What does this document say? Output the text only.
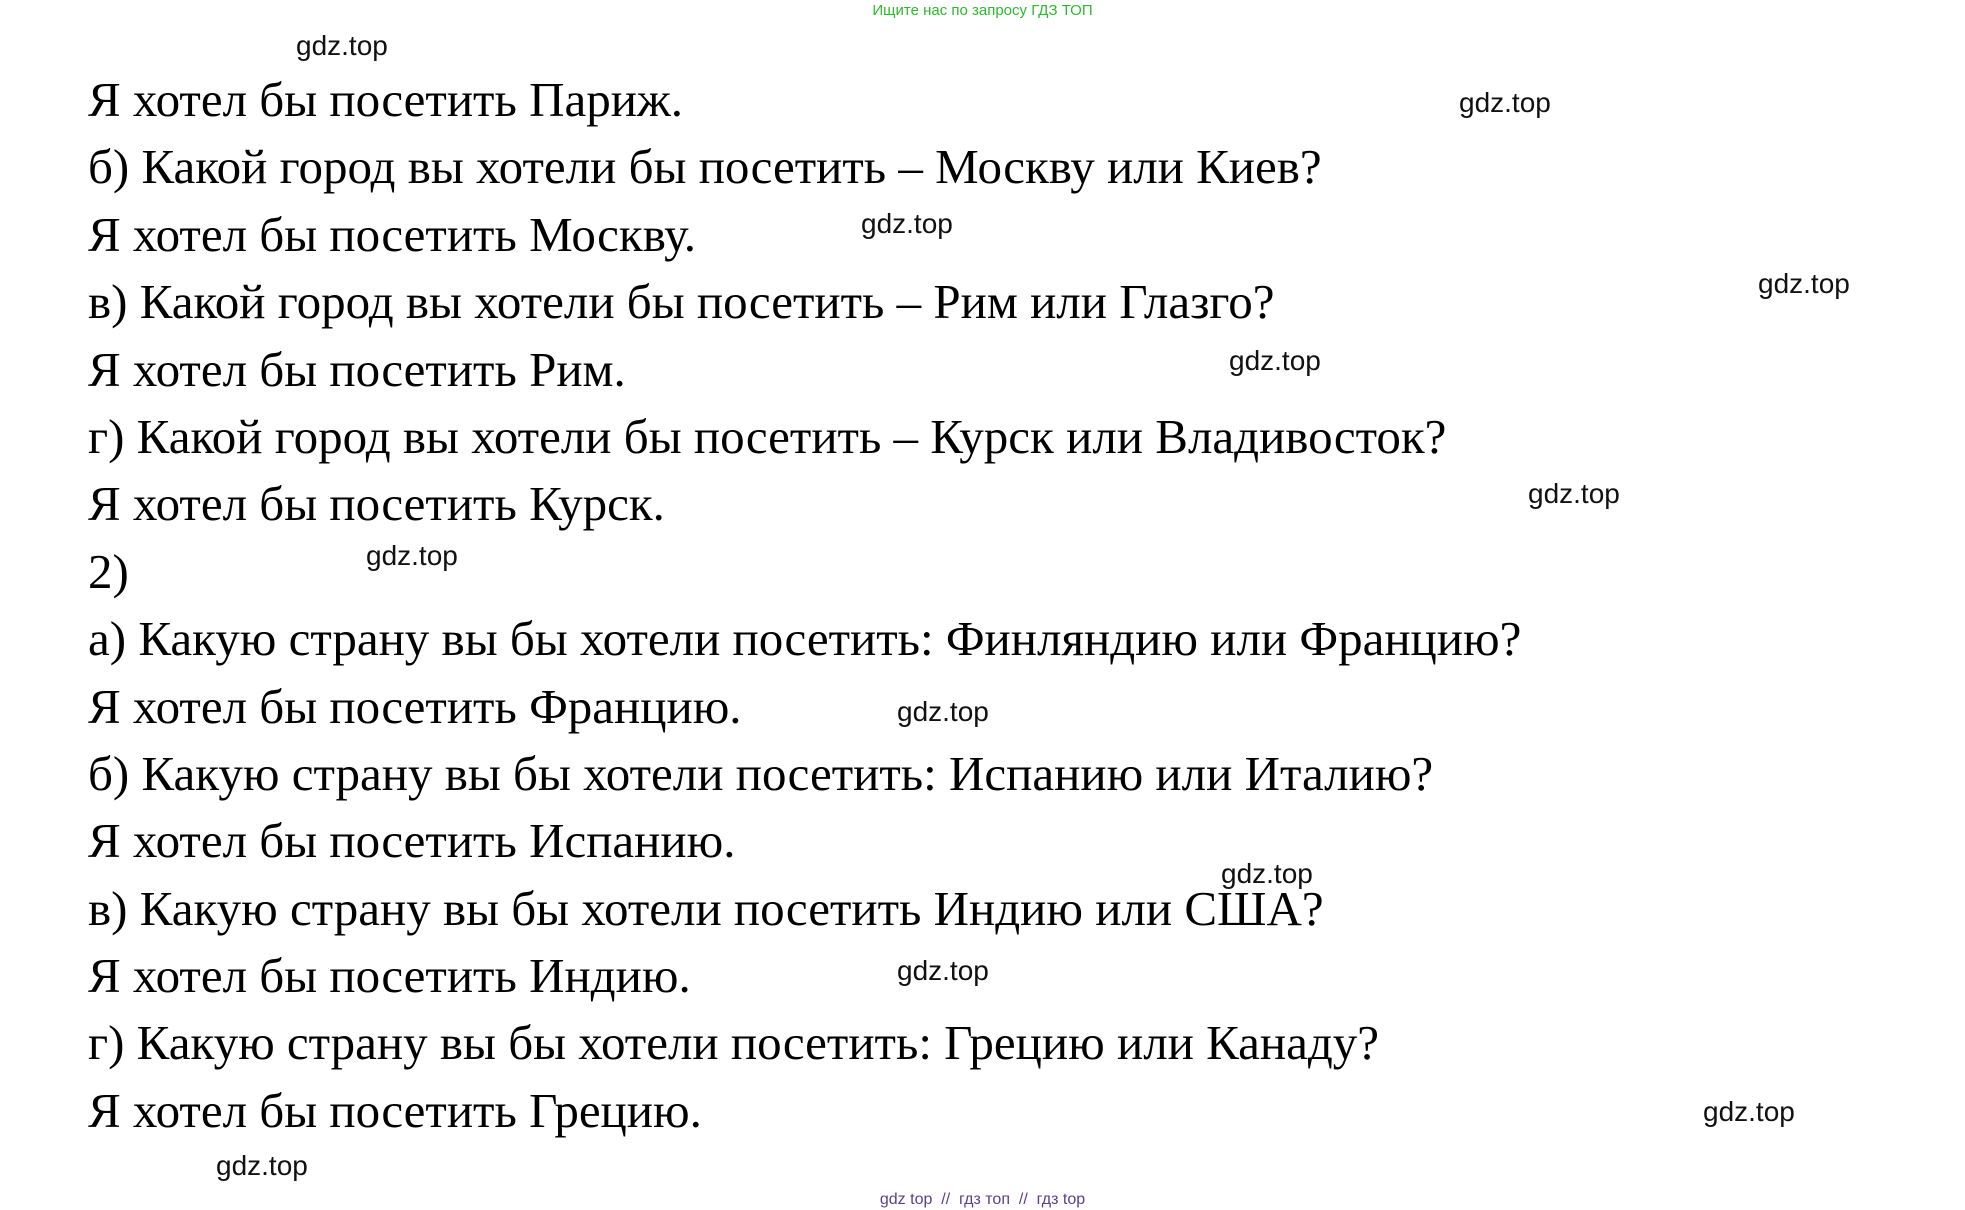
Ищите нас по запросу ГДЗ ТОП
Я хотел бы посетить Париж.
б) Какой город вы хотели бы посетить – Москву или Киев?
Я хотел бы посетить Москву.
в) Какой город вы хотели бы посетить – Рим или Глазго?
Я хотел бы посетить Рим.
г) Какой город вы хотели бы посетить – Курск или Владивосток?
Я хотел бы посетить Курск.
2)
а) Какую страну вы бы хотели посетить: Финляндию или Францию?
Я хотел бы посетить Францию.
б) Какую страну вы бы хотели посетить: Испанию или Италию?
Я хотел бы посетить Испанию.
в) Какую страну вы бы хотели посетить Индию или США?
Я хотел бы посетить Индию.
г) Какую страну вы бы хотели посетить: Грецию или Канаду?
Я хотел бы посетить Грецию.
gdz.top
gdz.top
gdz.top
gdz.top
gdz.top
gdz.top
gdz.top
gdz.top
gdz.top
gdz.top
gdz.top
gdz.top
gdz top  //  гдз топ  //  гдз top
